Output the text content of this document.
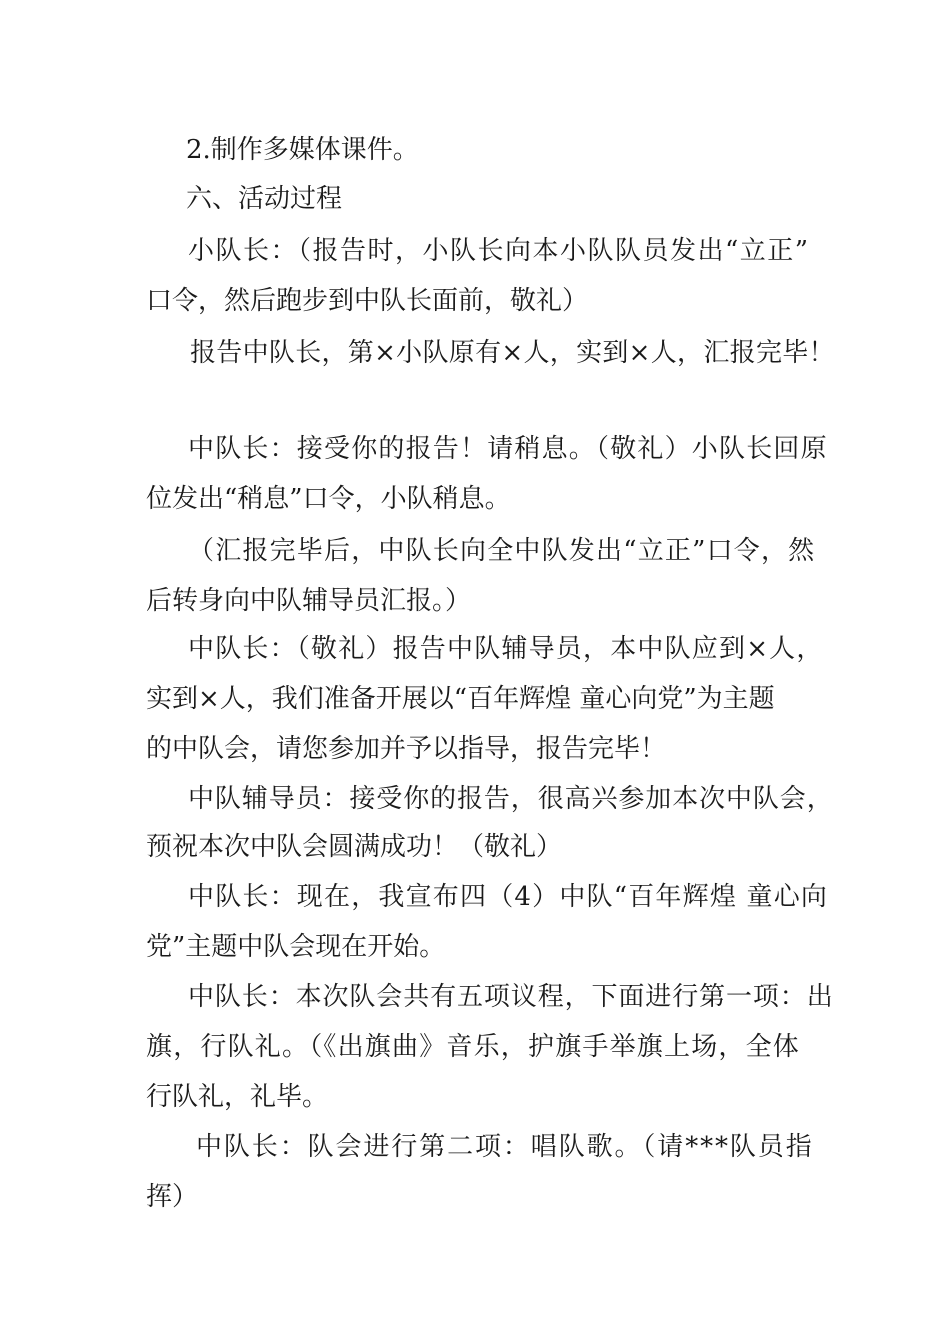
2.制作多媒体课件。
六、活动过程
小队长：（报告时，小队长向本小队队员发出“立正”
口令，然后跑步到中队长面前，敬礼）
报告中队长，第×小队原有×人，实到×人，汇报完毕！
中队长：接受你的报告！请稍息。（敬礼）小队长回原
位发出“稍息”口令，小队稍息。
（汇报完毕后，中队长向全中队发出“立正”口令，然
后转身向中队辅导员汇报。）
中队长：（敬礼）报告中队辅导员，本中队应到×人，
实到×人，我们准备开展以“百年辉煌 童心向党”为主题
的中队会，请您参加并予以指导，报告完毕！
中队辅导员：接受你的报告，很高兴参加本次中队会，
预祝本次中队会圆满成功！（敬礼）
中队长：现在，我宣布四（4）中队“百年辉煌 童心向
党”主题中队会现在开始。
中队长：本次队会共有五项议程，下面进行第一项：出
旗，行队礼。（《出旗曲》音乐，护旗手举旗上场，全体
行队礼，礼毕。
中队长：队会进行第二项：唱队歌。（请***队员指
挥）
